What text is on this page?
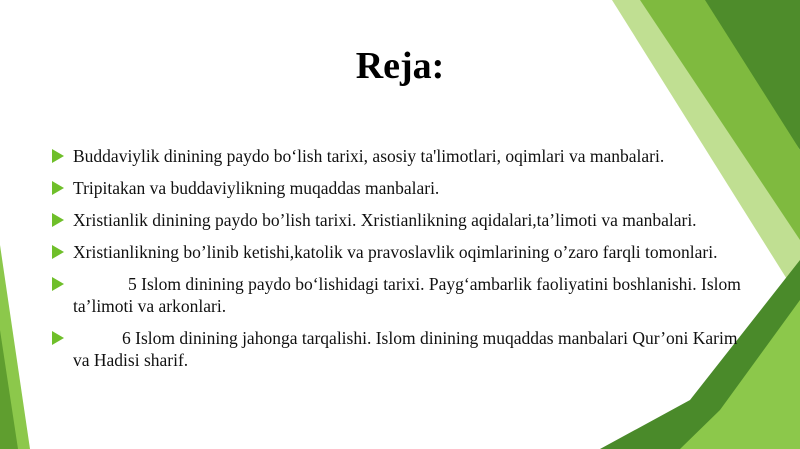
Reja:
Buddaviylik dinining paydo boʻlish tarixi, asosiy ta'limotlari, oqimlari va manbalari.
Tripitakan va buddaviylikning muqaddas manbalari.
Xristianlik dinining paydo bo’lish tarixi. Xristianlikning aqidalari,ta’limoti va manbalari.
Xristianlikning bo’linib ketishi,katolik va pravoslavlik oqimlarining o’zaro farqli tomonlari.
5 Islom dinining paydo boʻlishidagi tarixi. Paygʻambarlik faoliyatini boshlanishi. Islom taʼlimoti va arkonlari.
6 Islom dinining jahonga tarqalishi. Islom dinining muqaddas manbalari Qur’oni Karim va Hadisi sharif.
